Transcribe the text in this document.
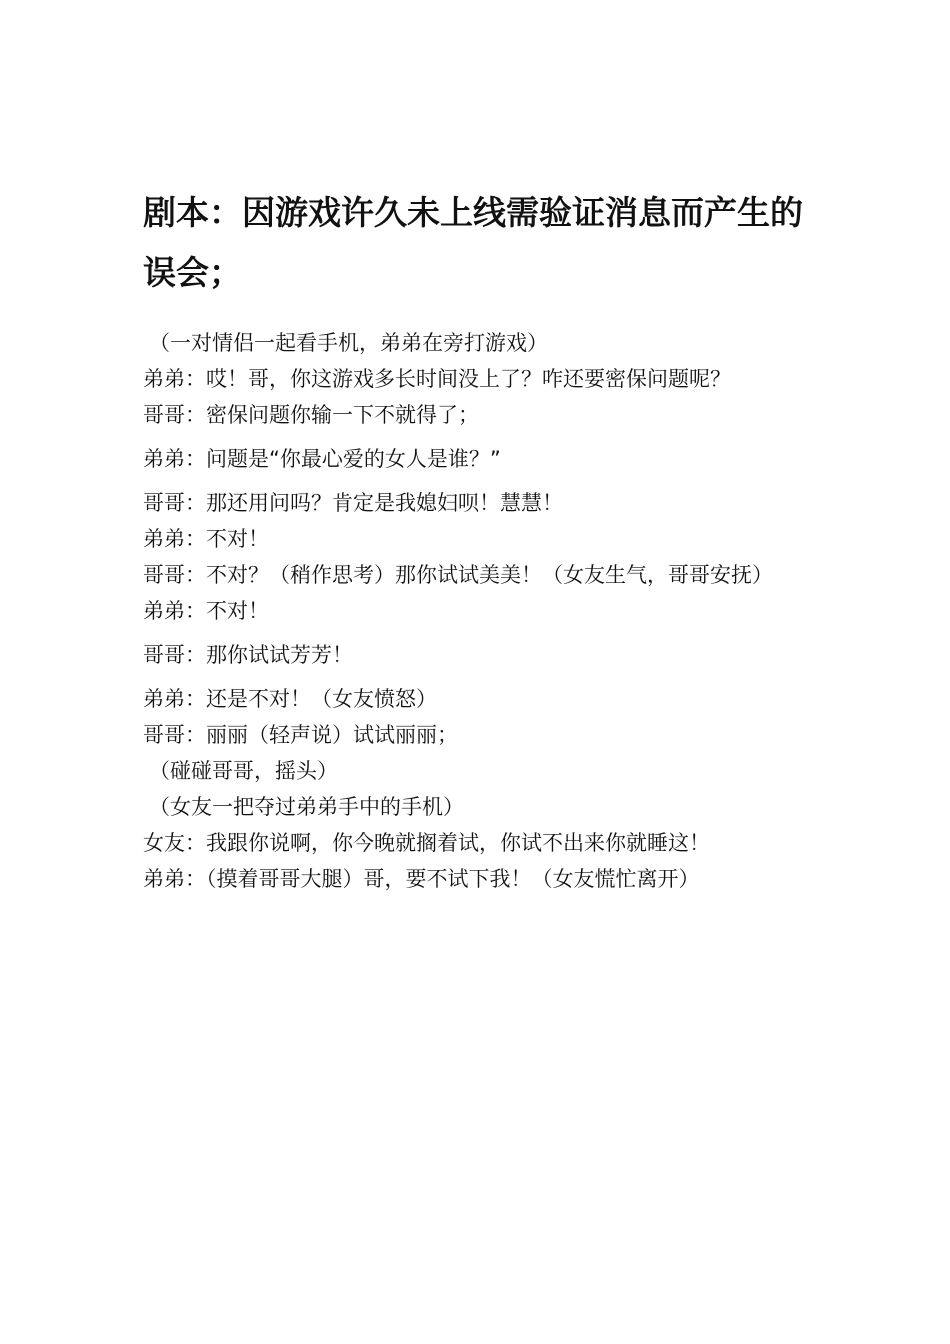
剧本：因游戏许久未上线需验证消息而产生的误会；
（一对情侣一起看手机，弟弟在旁打游戏）
弟弟：哎！哥，你这游戏多长时间没上了？咋还要密保问题呢？
哥哥：密保问题你输一下不就得了；
弟弟：问题是“你最心爱的女人是谁？”
哥哥：那还用问吗？肯定是我媳妇呗！慧慧！
弟弟：不对！
哥哥：不对？（稍作思考）那你试试美美！（女友生气，哥哥安抚）
弟弟：不对！
哥哥：那你试试芳芳！
弟弟：还是不对！（女友愤怒）
哥哥：丽丽（轻声说）试试丽丽；
（碰碰哥哥，摇头）
（女友一把夺过弟弟手中的手机）
女友：我跟你说啊，你今晚就搁着试，你试不出来你就睡这！
弟弟：（摸着哥哥大腿）哥，要不试下我！（女友慌忙离开）
